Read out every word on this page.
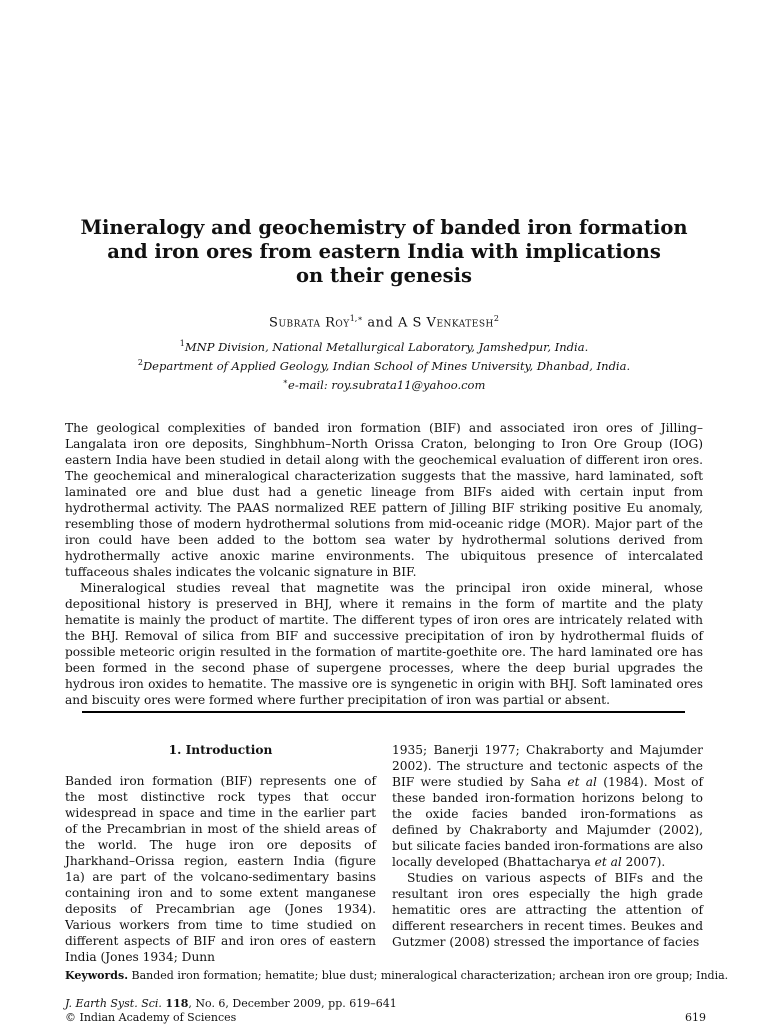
Mineralogy and geochemistry of banded iron formation
and iron ores from eastern India with implications
on their genesis
Subrata Roy$^{1,∗}$ and A S Venkatesh$^2$
$^1$MNP Division, National Metallurgical Laboratory, Jamshedpur, India.
$^2$Department of Applied Geology, Indian School of Mines University, Dhanbad, India.
∗e-mail: roy.subrata11@yahoo.com

The geological complexities of banded iron formation (BIF) and associated iron ores of Jilling–Langalata iron ore deposits, Singhbhum–North Orissa Craton, belonging to Iron Ore Group (IOG) eastern India have been studied in detail along with the geochemical evaluation of different iron ores. The geochemical and mineralogical characterization suggests that the massive, hard laminated, soft laminated ore and blue dust had a genetic lineage from BIFs aided with certain input from hydrothermal activity. The PAAS normalized REE pattern of Jilling BIF striking positive Eu anomaly, resembling those of modern hydrothermal solutions from mid-oceanic ridge (MOR). Major part of the iron could have been added to the bottom sea water by hydrothermal solutions derived from hydrothermally active anoxic marine environments. The ubiquitous presence of intercalated tuffaceous shales indicates the volcanic signature in BIF.

Mineralogical studies reveal that magnetite was the principal iron oxide mineral, whose depositional history is preserved in BHJ, where it remains in the form of martite and the platy hematite is mainly the product of martite. The different types of iron ores are intricately related with the BHJ. Removal of silica from BIF and successive precipitation of iron by hydrothermal fluids of possible meteoric origin resulted in the formation of martite-goethite ore. The hard laminated ore has been formed in the second phase of supergene processes, where the deep burial upgrades the hydrous iron oxides to hematite. The massive ore is syngenetic in origin with BHJ. Soft laminated ores and biscuity ores were formed where further precipitation of iron was partial or absent.

1. Introduction

Banded iron formation (BIF) represents one of the most distinctive rock types that occur widespread in space and time in the earlier part of the Precambrian in most of the shield areas of the world. The huge iron ore deposits of Jharkhand–Orissa region, eastern India (figure 1a) are part of the volcano-sedimentary basins containing iron and to some extent manganese deposits of Precambrian age (Jones 1934). Various workers from time to time studied on different aspects of BIF and iron ores of eastern India (Jones 1934; Dunn

1935; Banerji 1977; Chakraborty and Majumder 2002). The structure and tectonic aspects of the BIF were studied by Saha et al (1984). Most of these banded iron-formation horizons belong to the oxide facies banded iron-formations as defined by Chakraborty and Majumder (2002), but silicate facies banded iron-formations are also locally developed (Bhattacharya et al 2007).

Studies on various aspects of BIFs and the resultant iron ores especially the high grade hematitic ores are attracting the attention of different researchers in recent times. Beukes and Gutzmer (2008) stressed the importance of facies

Keywords. Banded iron formation; hematite; blue dust; mineralogical characterization; archean iron ore group; India.
J. Earth Syst. Sci. 118, No. 6, December 2009, pp. 619–641
© Indian Academy of Sciences	619
